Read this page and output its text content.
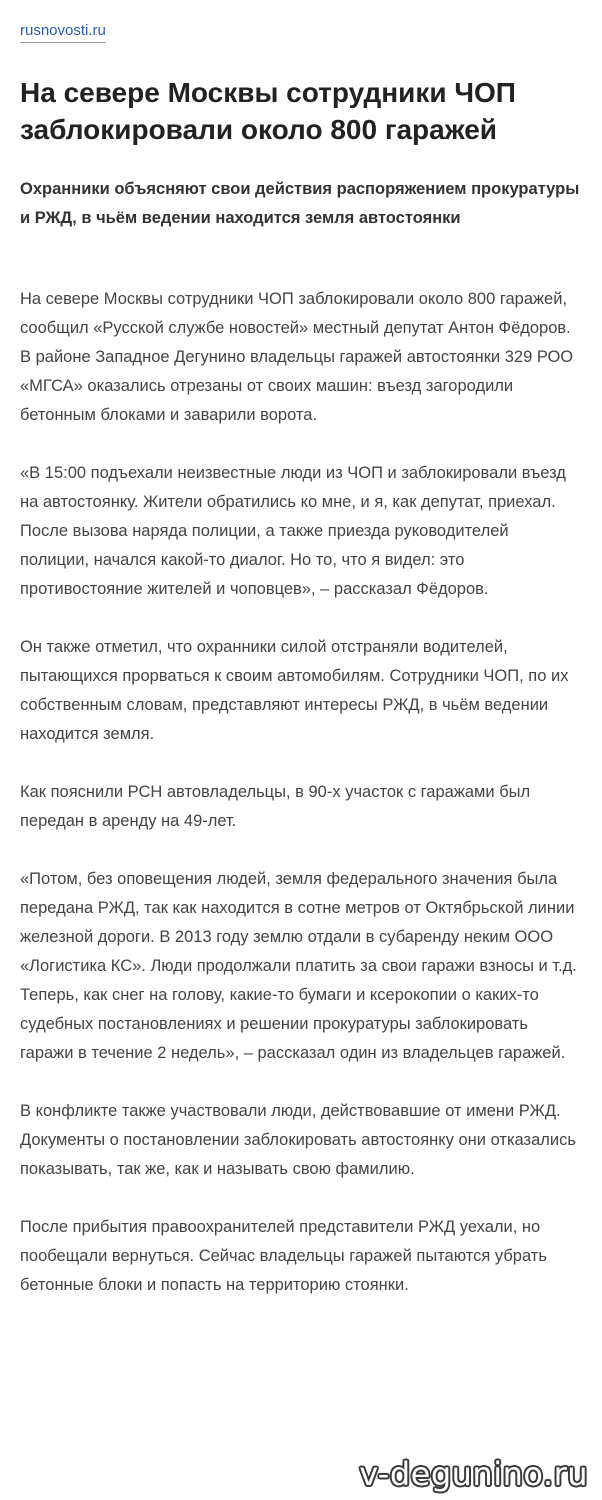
rusnovosti.ru
На севере Москвы сотрудники ЧОП заблокировали около 800 гаражей

Охранники объясняют свои действия распоряжением прокуратуры и РЖД, в чьём ведении находится земля автостоянки

На севере Москвы сотрудники ЧОП заблокировали около 800 гаражей, сообщил «Русской службе новостей» местный депутат Антон Фёдоров. В районе Западное Дегунино владельцы гаражей автостоянки 329 РОО «МГСА» оказались отрезаны от своих машин: въезд загородили бетонным блоками и заварили ворота.

«В 15:00 подъехали неизвестные люди из ЧОП и заблокировали въезд на автостоянку. Жители обратились ко мне, и я, как депутат, приехал. После вызова наряда полиции, а также приезда руководителей полиции, начался какой-то диалог. Но то, что я видел: это противостояние жителей и чоповцев», – рассказал Фёдоров.

Он также отметил, что охранники силой отстраняли водителей, пытающихся прорваться к своим автомобилям. Сотрудники ЧОП, по их собственным словам, представляют интересы РЖД, в чьём ведении находится земля.

Как пояснили РСН автовладельцы, в 90-х участок с гаражами был передан в аренду на 49-лет.

«Потом, без оповещения людей, земля федерального значения была передана РЖД, так как находится в сотне метров от Октябрьской линии железной дороги. В 2013 году землю отдали в субаренду неким ООО «Логистика КС». Люди продолжали платить за свои гаражи взносы и т.д. Теперь, как снег на голову, какие-то бумаги и ксерокопии о каких-то судебных постановлениях и решении прокуратуры заблокировать гаражи в течение 2 недель», – рассказал один из владельцев гаражей.

В конфликте также участвовали люди, действовавшие от имени РЖД. Документы о постановлении заблокировать автостоянку они отказались показывать, так же, как и называть свою фамилию.

После прибытия правоохранителей представители РЖД уехали, но пообещали вернуться. Сейчас владельцы гаражей пытаются убрать бетонные блоки и попасть на территорию стоянки.

v-degunino.ru
